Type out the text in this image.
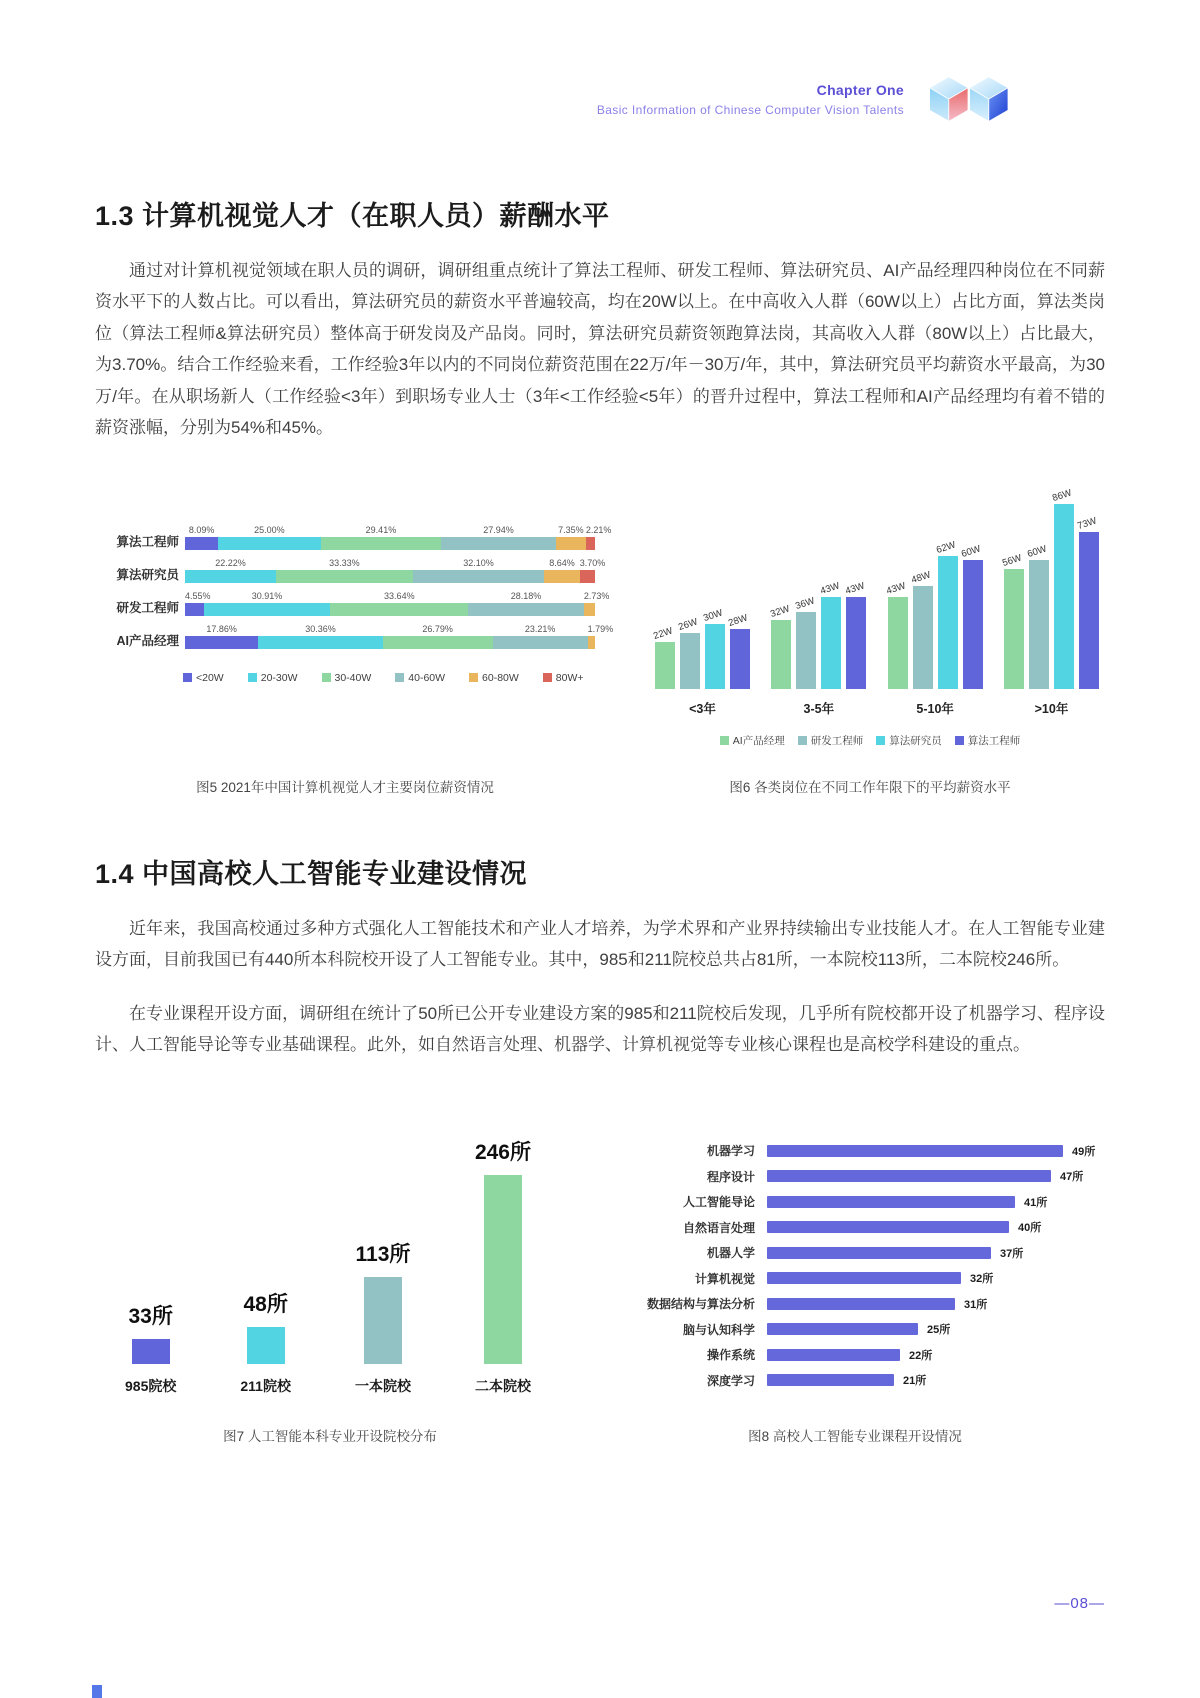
Chapter One
Basic Information of Chinese Computer Vision Talents
1.3 计算机视觉人才（在职人员）薪酬水平

通过对计算机视觉领域在职人员的调研，调研组重点统计了算法工程师、研发工程师、算法研究员、AI产品经理四种岗位在不同薪资水平下的人数占比。可以看出，算法研究员的薪资水平普遍较高，均在20W以上。在中高收入人群（60W以上）占比方面，算法类岗位（算法工程师&算法研究员）整体高于研发岗及产品岗。同时，算法研究员薪资领跑算法岗，其高收入人群（80W以上）占比最大，为3.70%。结合工作经验来看，工作经验3年以内的不同岗位薪资范围在22万/年－30万/年，其中，算法研究员平均薪资水平最高，为30万/年。在从职场新人（工作经验<3年）到职场专业人士（3年<工作经验<5年）的晋升过程中，算法工程师和AI产品经理均有着不错的薪资涨幅，分别为54%和45%。

算法工程师
8.09%	25.00%	29.41%	27.94%	7.35% 2.21%
算法研究员
22.22%	33.33%	32.10%	8.64% 3.70%
研发工程师
4.55%	30.91%	33.64%	28.18%	2.73%
AI产品经理
17.86%	30.36%	26.79%	23.21%	1.79%
<20W	20-30W	30-40W	40-60W	60-80W	80W+
图5 2021年中国计算机视觉人才主要岗位薪资情况
22W
26W
30W 28W
<3年
32W 36W
43W 43W
3-5年
43W
48W
62W 60W
5-10年
56W
60W
86W
73W
>10年
AI产品经理 研发工程师 算法研究员 算法工程师
图6 各类岗位在不同工作年限下的平均薪资水平
1.4 中国高校人工智能专业建设情况

近年来，我国高校通过多种方式强化人工智能技术和产业人才培养，为学术界和产业界持续输出专业技能人才。在人工智能专业建设方面，目前我国已有440所本科院校开设了人工智能专业。其中，985和211院校总共占81所，一本院校113所，二本院校246所。

在专业课程开设方面，调研组在统计了50所已公开专业建设方案的985和211院校后发现，几乎所有院校都开设了机器学习、程序设计、人工智能导论等专业基础课程。此外，如自然语言处理、机器学、计算机视觉等专业核心课程也是高校学科建设的重点。

33所
985院校
48所
211院校
113所
一本院校
246所
二本院校
图7 人工智能本科专业开设院校分布
机器学习	49所
程序设计	47所
人工智能导论	41所
自然语言处理	40所
机器人学	37所
计算机视觉	32所
数据结构与算法分析	31所
脑与认知科学	25所
操作系统	22所
深度学习	21所
图8 高校人工智能专业课程开设情况
—08—
